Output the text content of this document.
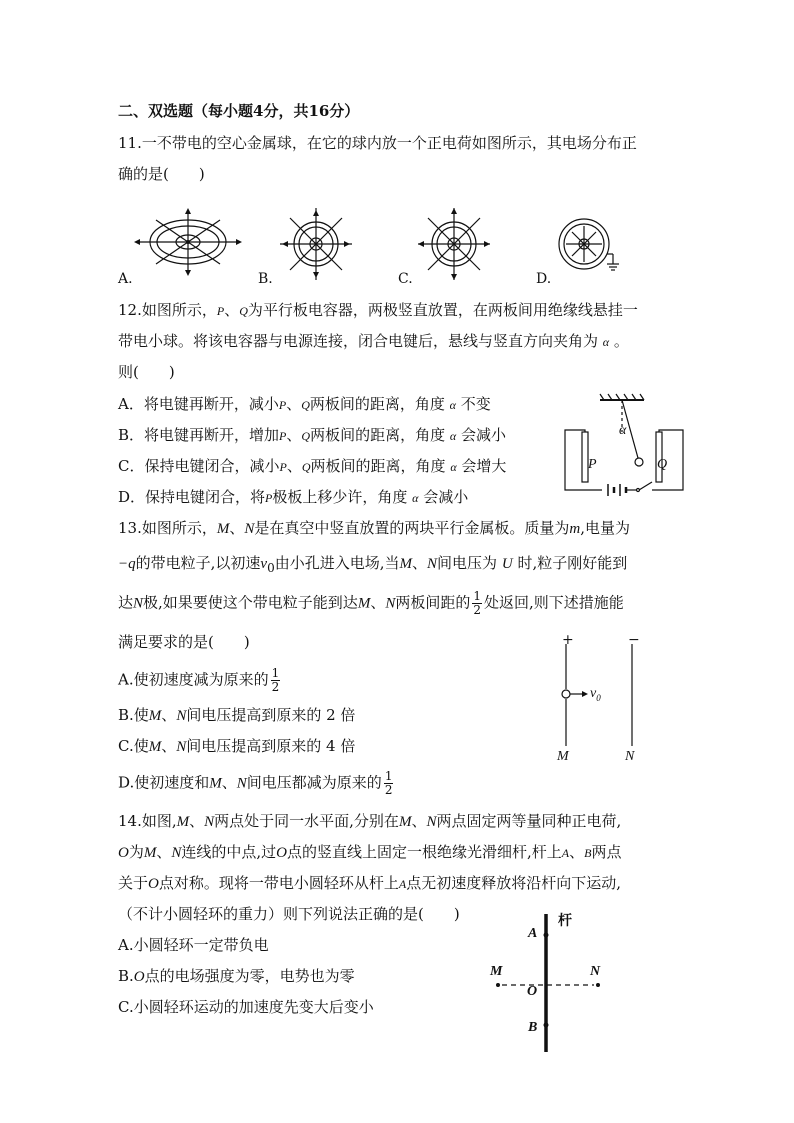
二、双选题（每小题4分，共16分）
11.一不带电的空心金属球，在它的球内放一个正电荷如图所示，其电场分布正
确的是(　　)
A.	B.	C.	D.
12.如图所示，P、Q为平行板电容器，两极竖直放置，在两板间用绝缘线悬挂一
带电小球。将该电容器与电源连接，闭合电键后，悬线与竖直方向夹角为 α 。
则(　　)
A．将电键再断开，减小P、Q两板间的距离，角度 α 不变
B．将电键再断开，增加P、Q两板间的距离，角度 α 会减小
C．保持电键闭合，减小P、Q两板间的距离，角度 α 会增大
D．保持电键闭合，将P极板上移少许，角度 α 会减小
P	Q
α
13.如图所示，M、N是在真空中竖直放置的两块平行金属板。质量为m,电量为
−q的带电粒子,以初速$v_0$由小孔进入电场,当M、N间电压为 U 时,粒子刚好能到
达N极,如果要使这个带电粒子能到达M、N两板间距的 $\frac{1}{2}$ 处返回,则下述措施能
满足要求的是(　　)
A.使初速度减为原来的 $\frac{1}{2}$
B.使M、N间电压提高到原来的 2 倍
C.使M、N间电压提高到原来的 4 倍
D.使初速度和M、N间电压都减为原来的 $\frac{1}{2}$
+	−
$v_0$
M	N
14.如图,M、N两点处于同一水平面,分别在M、N两点固定两等量同种正电荷,
O为M、N连线的中点,过O点的竖直线上固定一根绝缘光滑细杆,杆上A、B两点
关于O点对称。现将一带电小圆轻环从杆上A点无初速度释放将沿杆向下运动,
（不计小圆轻环的重力）则下列说法正确的是(　　)
A.小圆轻环一定带负电
B.O点的电场强度为零，电势也为零
C.小圆轻环运动的加速度先变大后变小
杆
A
B
M	N
O
